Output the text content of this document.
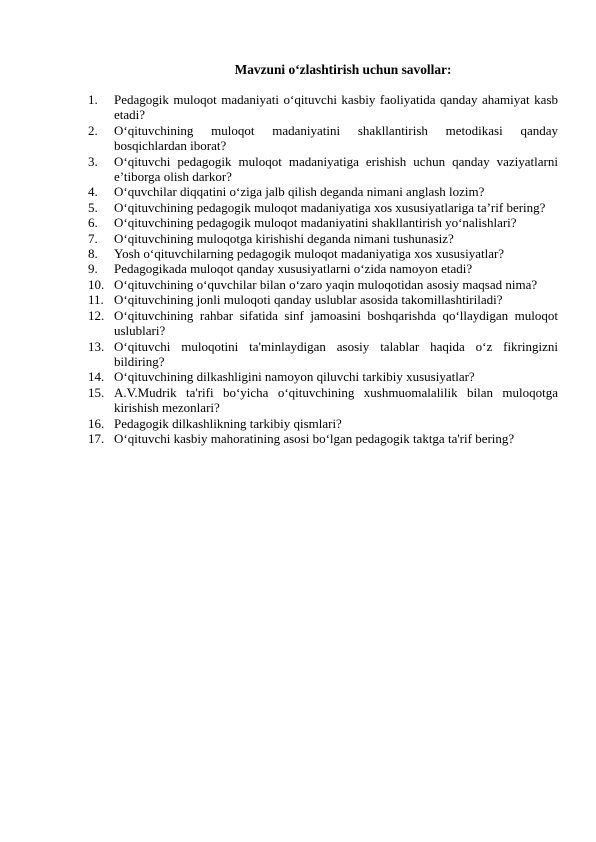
Mavzuni o‘zlashtirish uchun savollar:
1.	Pedagogik muloqot madaniyati o‘qituvchi kasbiy faoliyatida qanday ahamiyat kasb etadi?
2.	O‘qituvchining muloqot madaniyatini shakllantirish metodikasi qanday bosqichlardan iborat?
3.	O‘qituvchi pedagogik muloqot madaniyatiga erishish uchun qanday vaziyatlarni e’tiborga olish darkor?
4.	O‘quvchilar diqqatini o‘ziga jalb qilish deganda nimani anglash lozim?
5.	O‘qituvchining pedagogik muloqot madaniyatiga xos xususiyatlariga ta’rif bering?
6.	O‘qituvchining pedagogik muloqot madaniyatini shakllantirish yo‘nalishlari?
7.	O‘qituvchining muloqotga kirishishi deganda nimani tushunasiz?
8.	Yosh o‘qituvchilarning pedagogik muloqot madaniyatiga xos xususiyatlar?
9.	Pedagogikada muloqot qanday xususiyatlarni o‘zida namoyon etadi?
10. O‘qituvchining o‘quvchilar bilan o‘zaro yaqin muloqotidan asosiy maqsad nima?
11. O‘qituvchining jonli muloqoti qanday uslublar asosida takomillashtiriladi?
12. O‘qituvchining rahbar sifatida sinf jamoasini boshqarishda qo‘llaydigan muloqot uslublari?
13. O‘qituvchi muloqotini ta'minlaydigan asosiy talablar haqida o‘z fikringizni bildiring?
14. O‘qituvchining dilkashligini namoyon qiluvchi tarkibiy xususiyatlar?
15. A.V.Mudrik ta'rifi bo‘yicha o‘qituvchining xushmuomalalilik bilan muloqotga kirishish mezonlari?
16. Pedagogik dilkashlikning tarkibiy qismlari?
17. O‘qituvchi kasbiy mahoratining asosi bo‘lgan pedagogik taktga ta'rif bering?
